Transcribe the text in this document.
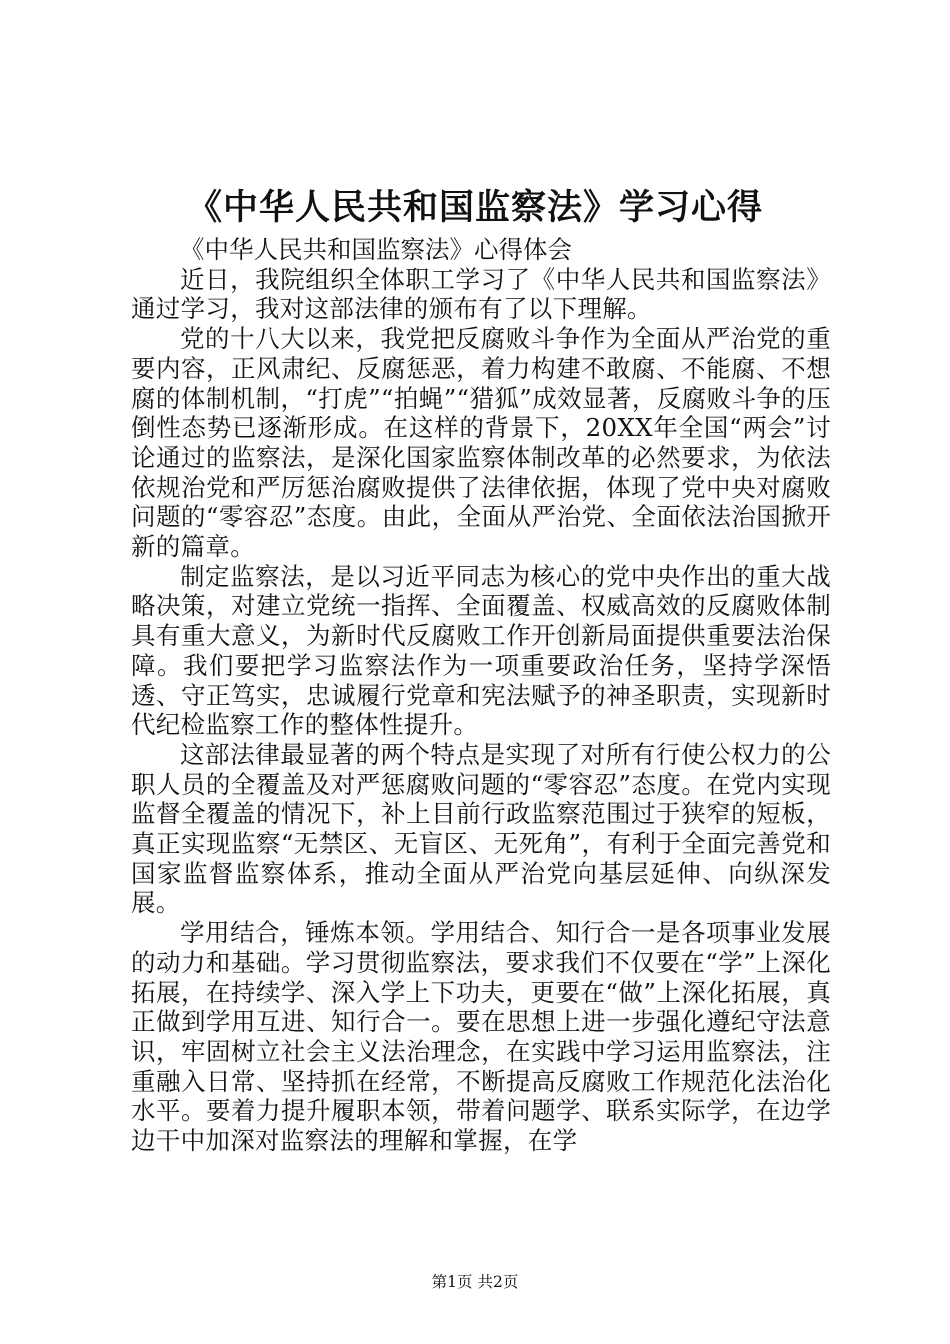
《中华人民共和国监察法》学习心得

《中华人民共和国监察法》心得体会

近日，我院组织全体职工学习了《中华人民共和国监察法》通过学习，我对这部法律的颁布有了以下理解。

党的十八大以来，我党把反腐败斗争作为全面从严治党的重要内容，正风肃纪、反腐惩恶，着力构建不敢腐、不能腐、不想腐的体制机制，“打虎”“拍蝇”“猎狐”成效显著，反腐败斗争的压倒性态势已逐渐形成。在这样的背景下，20XX年全国“两会”讨论通过的监察法，是深化国家监察体制改革的必然要求，为依法依规治党和严厉惩治腐败提供了法律依据，体现了党中央对腐败问题的“零容忍”态度。由此，全面从严治党、全面依法治国掀开新的篇章。

制定监察法，是以习近平同志为核心的党中央作出的重大战略决策，对建立党统一指挥、全面覆盖、权威高效的反腐败体制具有重大意义，为新时代反腐败工作开创新局面提供重要法治保障。我们要把学习监察法作为一项重要政治任务，坚持学深悟透、守正笃实，忠诚履行党章和宪法赋予的神圣职责，实现新时代纪检监察工作的整体性提升。

这部法律最显著的两个特点是实现了对所有行使公权力的公职人员的全覆盖及对严惩腐败问题的“零容忍”态度。在党内实现监督全覆盖的情况下，补上目前行政监察范围过于狭窄的短板，真正实现监察“无禁区、无盲区、无死角”，有利于全面完善党和国家监督监察体系，推动全面从严治党向基层延伸、向纵深发展。

学用结合，锤炼本领。学用结合、知行合一是各项事业发展的动力和基础。学习贯彻监察法，要求我们不仅要在“学”上深化拓展，在持续学、深入学上下功夫，更要在“做”上深化拓展，真正做到学用互进、知行合一。要在思想上进一步强化遵纪守法意识，牢固树立社会主义法治理念，在实践中学习运用监察法，注重融入日常、坚持抓在经常，不断提高反腐败工作规范化法治化水平。要着力提升履职本领，带着问题学、联系实际学，在边学边干中加深对监察法的理解和掌握，在学

第1页 共2页
